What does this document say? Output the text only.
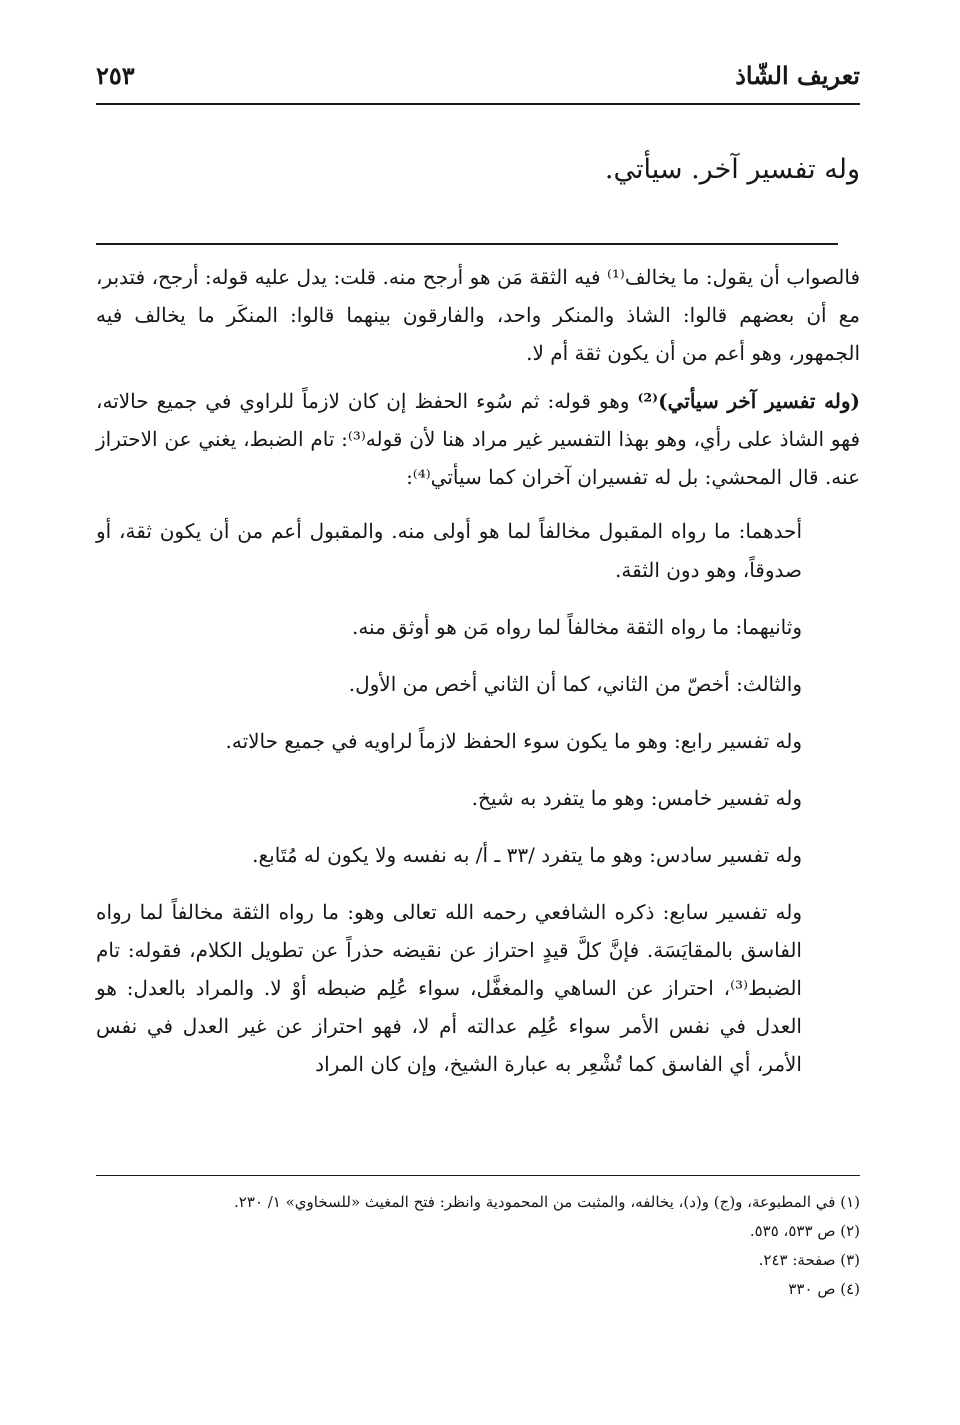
تعريف الشّاذ

٢٥٣

وله تفسير آخر. سيأتي.

فالصواب أن يقول: ما يخالف⁽¹⁾ فيه الثقة مَن هو أرجح منه. قلت: يدل عليه قوله: أرجح، فتدبر، مع أن بعضهم قالوا: الشاذ والمنكر واحد، والفارقون بينهما قالوا: المنكَر ما يخالف فيه الجمهور، وهو أعم من أن يكون ثقة أم لا.

(وله تفسير آخر سيأتي)⁽²⁾ وهو قوله: ثم سُوء الحفظ إن كان لازماً للراوي في جميع حالاته، فهو الشاذ على رأي، وهو بهذا التفسير غير مراد هنا لأن قوله⁽³⁾: تام الضبط، يغني عن الاحتراز عنه. قال المحشي: بل له تفسيران آخران كما سيأتي⁽⁴⁾:

أحدهما: ما رواه المقبول مخالفاً لما هو أولى منه. والمقبول أعم من أن يكون ثقة، أو صدوقاً، وهو دون الثقة.

وثانيهما: ما رواه الثقة مخالفاً لما رواه مَن هو أوثق منه.

والثالث: أخصّ من الثاني، كما أن الثاني أخص من الأول.

وله تفسير رابع: وهو ما يكون سوء الحفظ لازماً لراويه في جميع حالاته.

وله تفسير خامس: وهو ما يتفرد به شيخ.

وله تفسير سادس: وهو ما يتفرد /٣٣ ـ أ/ به نفسه ولا يكون له مُتَابع.

وله تفسير سابع: ذكره الشافعي رحمه الله تعالى وهو: ما رواه الثقة مخالفاً لما رواه الفاسق بالمقايَسَة. فإنَّ كلَّ قيدٍ احتراز عن نقيضه حذراً عن تطويل الكلام، فقوله: تام الضبط⁽³⁾، احتراز عن الساهي والمغفَّل، سواء عُلِم ضبطه أوْ لا. والمراد بالعدل: هو العدل في نفس الأمر سواء عُلِم عدالته أم لا، فهو احتراز عن غير العدل في نفس الأمر، أي الفاسق كما تُشْعِر به عبارة الشيخ، وإن كان المراد

(١) في المطبوعة، و(ج) و(د)، يخالفه، والمثبت من المحمودية وانظر: فتح المغيث «للسخاوي» ١/ ٢٣٠.
(٢) ص ٥٣٣، ٥٣٥.
(٣) صفحة: ٢٤٣.
(٤) ص ٣٣٠
